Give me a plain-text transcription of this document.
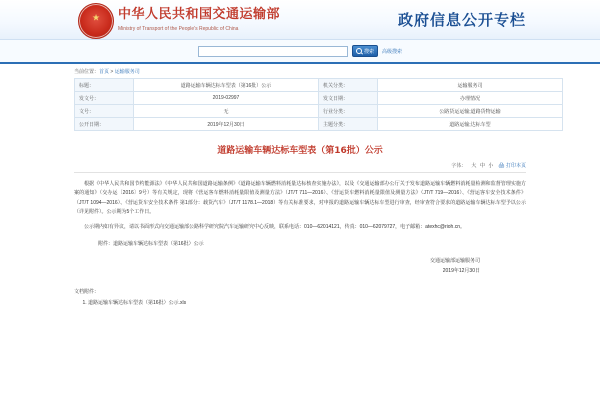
★ 中华人民共和国交通运输部
Ministry of Transport of the People's Republic of China	政府信息公开专栏
搜索 高级搜索
当前位置：首页 > 运输服务司
标题：	道路运输车辆达标车型表（第16批）公示	机关分类：	运输服务司
发文号：	2019-02997	发文日期：	办理情况
文号：	无	行业分类：	公路货运运输;道路货物运输
公开日期：	2019年12月30日	主题分类：	道路运输;达标车型
道路运输车辆达标车型表（第16批）公示
字体： 大 中 小 🖨 打印本页

根据《中华人民共和国节约能源法》《中华人民共和国道路运输条例》《道路运输车辆燃料消耗量达标核查实施办法》，以及《交通运输部办公厅关于发布道路运输车辆燃料消耗量检测和监督管理实施方案的通知》（交办运〔2016〕9号）等有关规定，现将《营运客车燃料消耗量限值及测量方法》（JT/T 711—2016）、《营运货车燃料消耗量限值及测量方法》（JT/T 719—2016）、《营运客车安全技术条件》（JT/T 1094—2016）、《营运货车安全技术条件 第1部分：载货汽车》（JT/T 1178.1—2018）等有关标准要求，对申报的道路运输车辆达标车型进行审查，经审查符合要求的道路运输车辆达标车型予以公示（详见附件）。公示期为5个工作日。

公示期内如有异议，请以书面形式向交通运输部公路科学研究院汽车运输研究中心反映，联系电话：010—62014121，传真：010—62079727，电子邮箱：atexhc@rioh.cn。

附件：道路运输车辆达标车型表（第16批）公示
交通运输部运输服务司
2019年12月30日
文档附件：
1. 道路运输车辆达标车型表（第16批）公示.xls
